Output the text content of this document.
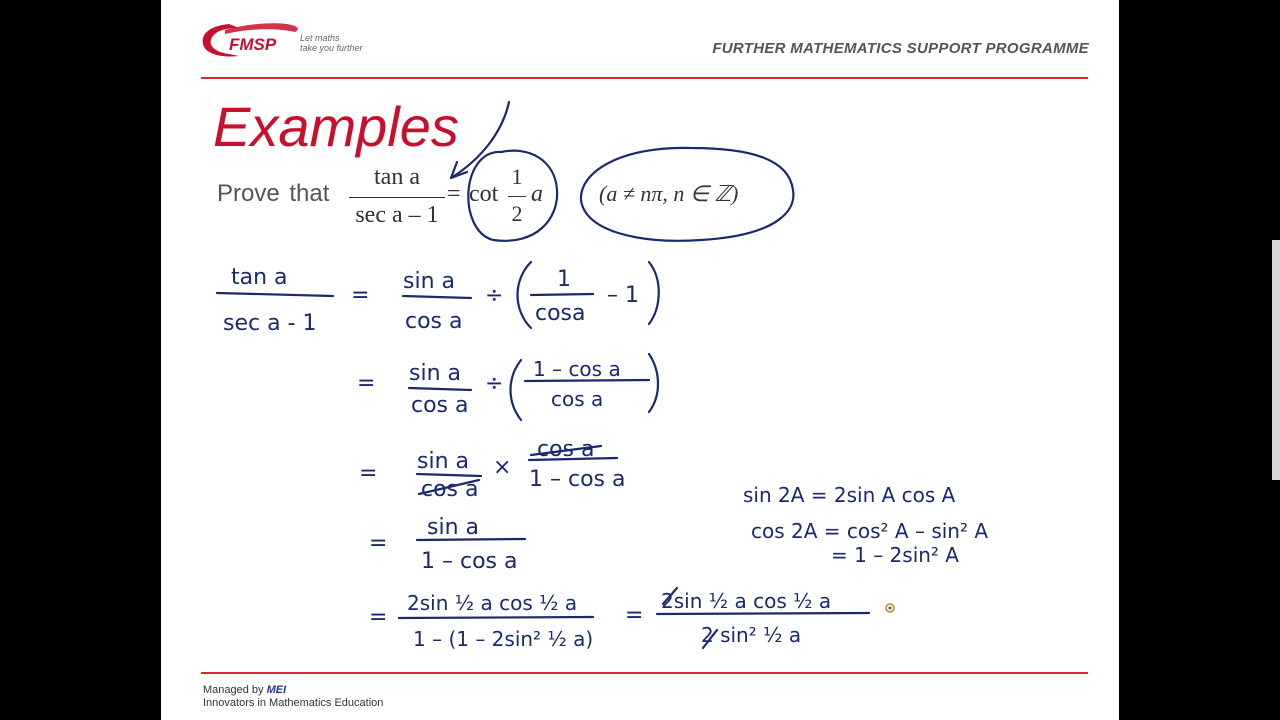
FMSP	Let maths
take you further	FURTHER MATHEMATICS SUPPORT PROGRAMME
Examples
Prove that
tan a
sec a – 1
= cot
1
2
a	(a ≠ nπ, n ∈ ℤ)
tan a
sec a - 1
=
sin a
cos a
÷
1
cosa
– 1
= sin a
cos a
÷
1 – cos a
cos a
= sin a
cos a
×
cos a
1 – cos a
=
sin a
1 – cos a
=
2sin ½ a cos ½ a
1 – (1 – 2sin² ½ a)
=
2sin ½ a cos ½ a
2 sin² ½ a
sin 2A = 2sin A cos A
cos 2A = cos² A – sin² A
= 1 – 2sin² A
Managed by MEI
Innovators in Mathematics Education
